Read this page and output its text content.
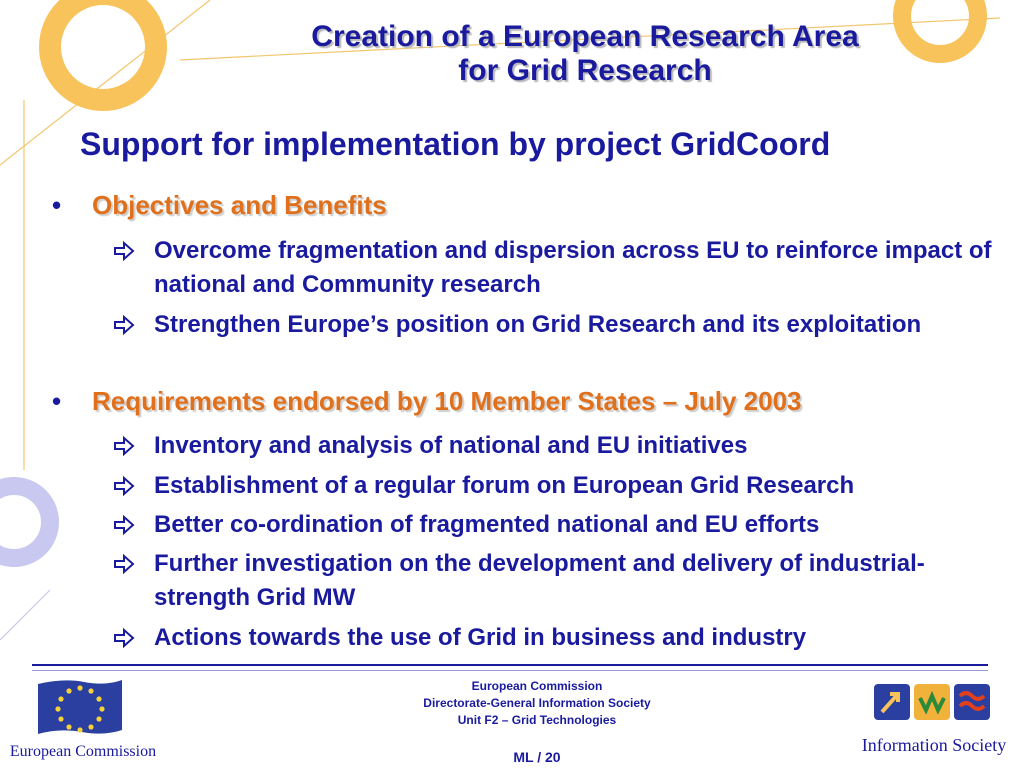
Creation of a European Research Area
for Grid Research
Support for implementation by project GridCoord
• Objectives and Benefits
Overcome fragmentation and dispersion across EU to reinforce impact of national and Community research
Strengthen Europe’s position on Grid Research and its exploitation
• Requirements endorsed by 10 Member States – July 2003
Inventory and analysis of national and EU initiatives
Establishment of a regular forum on European Grid Research
Better co-ordination of fragmented national and EU efforts
Further investigation on the development and delivery of industrial-strength Grid MW
Actions towards the use of Grid in business and industry
European Commission
European Commission
Directorate-General Information Society
Unit F2 – Grid Technologies
ML / 20
Information Society
